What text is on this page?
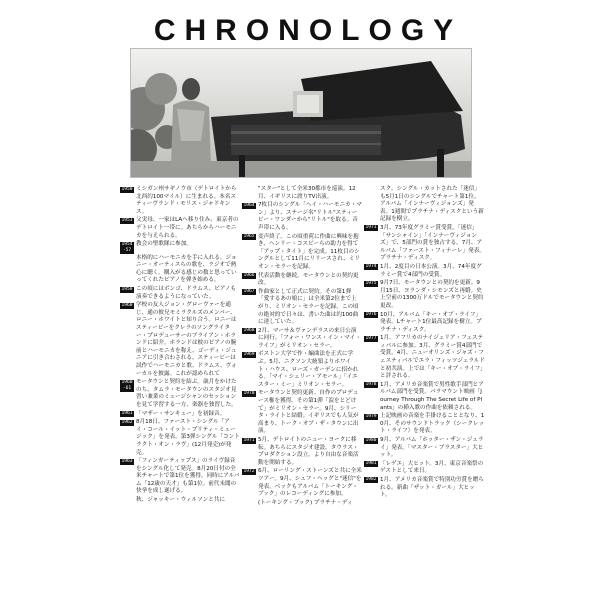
CHRONOLOGY
1950 ミシガン州サギノウ市（デトロイトから北西約100マイル）に生まれる。本名スティーヴランド・モリス・ジャドキンス。
1953 父実母、一家はLAへ移り住み、東京者のデトロイト一帯に。あちらからハーモニカを与えられる。
1954
-57
教会の聖歌隊に参加。
本格的にハーモニカを手に入れる。ジョニー・オーティスらの歌を、ラジオで熱心に聴く。購入がる感じの数と思っていってくれたピアノを弾き始める。
1958 この頃にはボンゴ、ドラムス、ピアノも演奏できるようになっていた。
1960 学校の友人ジョン・グローヴァーを通じ、通の彼兄モミラクルズのメンバー、ロニー・ホワイトと知り合う。ロニーはスティービーをクレラのソングライター・プロデューサーのブライアン・ホランドに紹介。ホランドは彼のピアノの腕前とハーモニカを称え、ゴーディ・ジュニアに引き合わされる。スティービーは試作でハーモニカと歌、ドラムス、ヴォーカルを披露。これが認められて
1960
-61
モータウンと契約を結ぶ。歳月をかけたのち、タムラ・モータウンのスタジオ見習い兼業のミュージシャンのセッションを見て学習する一方、楽器を独習した。
1961 「マザー・サンキュー」を初録音。
1962 8月18日、ファースト・シングル「アイ・コール・イット・プリティ・ミュージック」を発表。第3弾シングル「コントラクト・オン・ラヴ」(12月発売)が発売。
1963 「フィンガーティップス」のライヴ録音をシングル化して発売。8月20日付の全米チャートで第1位を獲得。同時にアルバム「12歳の天才」も第1位。前代未聞の快挙を成し遂げる。
秋、ジャッキー・ウィルソンと共に
"スター"として全米30都市を巡演。12月、イギリスに渡りTV出演。
1964 7枚目のシングル「ヘイ・ハーモニカ・マン」より、ステージ名"リトル"スティービー・ワンダーから"リトル"を取る。音声帯に入る。
1965 変声終了。この頃重荷に作曲に興味を抱き、ヘンリー・コスビーらの助力を得て「アップ・タイト」を完成。11枚目のシングルとして11月にリリースされ、ミリオン・セラーを記録。
1966 代表活動を継続。モータウンとの契約更改。
1967 作曲家として正式に契約。その第1弾「愛するあの娘に」は全米第2位まで上がり、ミリオン・セラーを記録。この頃の絶対的で日々は、書いた曲は約100曲に達していた。
1968 2月、マーサ＆ヴァンデラスの来日公演に同行。「フォー・ワンス・イン・マイ・ライフ」がミリオン・セラー。
1969 ボストン大学で作・編曲法を正式に学ぶ。5月、ニクソン大統領よりホワイト・ハウス、ローズ・ガーデンに招かれる。「マイ・シェリー・アモール」「イエスター・ミー」ミリオン・セラー。
1970 モータウンと契約更新。自作のプロデュース権を獲得。その第1弾「涙をとどけて」がミリオン・セラー。9月、シリータ・ライトと結婚。イギリスでも人気が高まり、トーク・オブ・ザ・タウンに出演。
1971 5月、デトロイトのニュー・ヨークに移転。あちらにスタジオ建設。タウラス・プロダクション設立。より自由な音楽活動を開始する。
1972 6月、ローリング・ストーンズと共に全米ツアー。9月、シュフ・ヘッグと"迷信"を発表。ベックもアルバム「トーキング・ブック」のレコーディングに参加。
(トーキング・ブック) プラチナ・ディ
スク。シングル・カットされた「迷信」も5月1日のシングルでチャート第1位。アルバム「インナーヴィジョンズ」発表。1週間でプラチナ・ディスクという新記録を樹立。
1973 3月、73年度グラミー賞受賞。「迷信」「サンシャイン」「インナーヴィジョンズ」で、5部門の賞を独占する。7月、アルバム「ファースト・フィナーレ」発表。プラチナ・ディスク。
1974 1月、2度目の日本公演。3月、74年度グラミー賞で4部門の受賞。
1975 9月7日、モータウンとの契約を更新。9月15日、ヨランダ・シモンズと再婚。史上空前の1300万ドルでモータウンと契約更改。
1976 10月、アルバム「キー・オブ・ライフ」発表。Lチャート1位最高記録を樹立。プラチナ・ディスク。
1977 1月、アフリカのナイジェリア・フェスティバルに参加。3月、グラミー賞4部門で受賞。4月、ニューオリンズ・ジャズ・フェスティバルでエラ・フィッツジェラルドと初共演。上では「キー・オブ・ライフ」と評される。
1978 1月、アメリカ音楽賞で男性歌手部門とアルバム部門を受賞。パラマウント映画「Journey Through The Secret Life of Plants」の挿入歌の作曲を依頼される。
1979 上記映画の音楽を手掛けることとなり、10月、そのサウンドトラック（シークレット・ライフ）を発表。
1980 9月、アルバム「ホッター・ザン・ジュライ」発表。「マスター・ブラスター」大ヒット。
1981 「レゲエ」大ヒット。3月、東京音楽祭のゲストとして来日。
1982 1月、アメリカ音楽賞で特別功労賞を贈られる。新曲「ザット・ガール」大ヒット。
